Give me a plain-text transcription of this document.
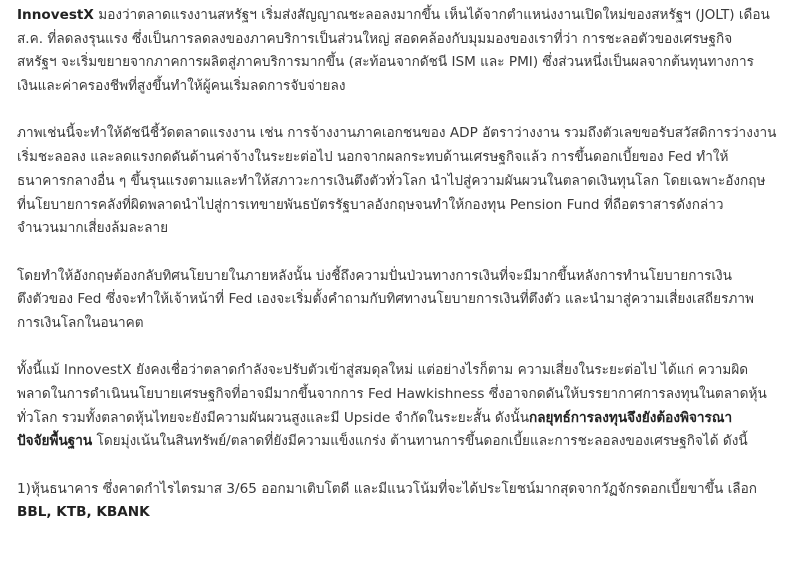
InnovestX มองว่าตลาดแรงงานสหรัฐฯ เริ่มส่งสัญญาณชะลอลงมากขึ้น เห็นได้จากตำแหน่งงานเปิดใหม่ของสหรัฐฯ (JOLT) เดือน
ส.ค. ที่ลดลงรุนแรง ซึ่งเป็นการลดลงของภาคบริการเป็นส่วนใหญ่ สอดคล้องกับมุมมองของเราที่ว่า การชะลอตัวของเศรษฐกิจ
สหรัฐฯ จะเริ่มขยายจากภาคการผลิตสู่ภาคบริการมากขึ้น (สะท้อนจากดัชนี ISM และ PMI) ซึ่งส่วนหนึ่งเป็นผลจากต้นทุนทางการ
เงินและค่าครองชีพที่สูงขึ้นทำให้ผู้คนเริ่มลดการจับจ่ายลง
ภาพเช่นนี้จะทำให้ดัชนีชี้วัดตลาดแรงงาน เช่น การจ้างงานภาคเอกชนของ ADP อัตราว่างงาน รวมถึงตัวเลขขอรับสวัสดิการว่างงาน
เริ่มชะลอลง และลดแรงกดดันด้านค่าจ้างในระยะต่อไป นอกจากผลกระทบด้านเศรษฐกิจแล้ว การขึ้นดอกเบี้ยของ Fed ทำให้
ธนาคารกลางอื่น ๆ ขึ้นรุนแรงตามและทำให้สภาวะการเงินตึงตัวทั่วโลก นำไปสู่ความผันผวนในตลาดเงินทุนโลก โดยเฉพาะอังกฤษ
ที่นโยบายการคลังที่ผิดพลาดนำไปสู่การเทขายพันธบัตรรัฐบาลอังกฤษจนทำให้กองทุน Pension Fund ที่ถือตราสารดังกล่าว
จำนวนมากเสี่ยงล้มละลาย
โดยทำให้อังกฤษต้องกลับทิศนโยบายในภายหลังนั้น บ่งชี้ถึงความปั่นป่วนทางการเงินที่จะมีมากขึ้นหลังการทำนโยบายการเงิน
ตึงตัวของ Fed ซึ่งจะทำให้เจ้าหน้าที่ Fed เองจะเริ่มตั้งคำถามกับทิศทางนโยบายการเงินที่ตึงตัว และนำมาสู่ความเสี่ยงเสถียรภาพ
การเงินโลกในอนาคต
ทั้งนี้แม้ InnovestX ยังคงเชื่อว่าตลาดกำลังจะปรับตัวเข้าสู่สมดุลใหม่ แต่อย่างไรก็ตาม ความเสี่ยงในระยะต่อไป ได้แก่ ความผิด
พลาดในการดำเนินนโยบายเศรษฐกิจที่อาจมีมากขึ้นจากการ Fed Hawkishness ซึ่งอาจกดดันให้บรรยากาศการลงทุนในตลาดหุ้น
ทั่วโลก รวมทั้งตลาดหุ้นไทยจะยังมีความผันผวนสูงและมี Upside จำกัดในระยะสั้น ดังนั้นกลยุทธ์การลงทุนจึงยังต้องพิจารณา
ปัจจัยพื้นฐาน โดยมุ่งเน้นในสินทรัพย์/ตลาดที่ยังมีความแข็งแกร่ง ต้านทานการขึ้นดอกเบี้ยและการชะลอลงของเศรษฐกิจได้ ดังนี้
1)หุ้นธนาคาร ซึ่งคาดกำไรไตรมาส 3/65 ออกมาเติบโตดี และมีแนวโน้มที่จะได้ประโยชน์มากสุดจากวัฏจักรดอกเบี้ยขาขึ้น เลือก
BBL, KTB, KBANK
